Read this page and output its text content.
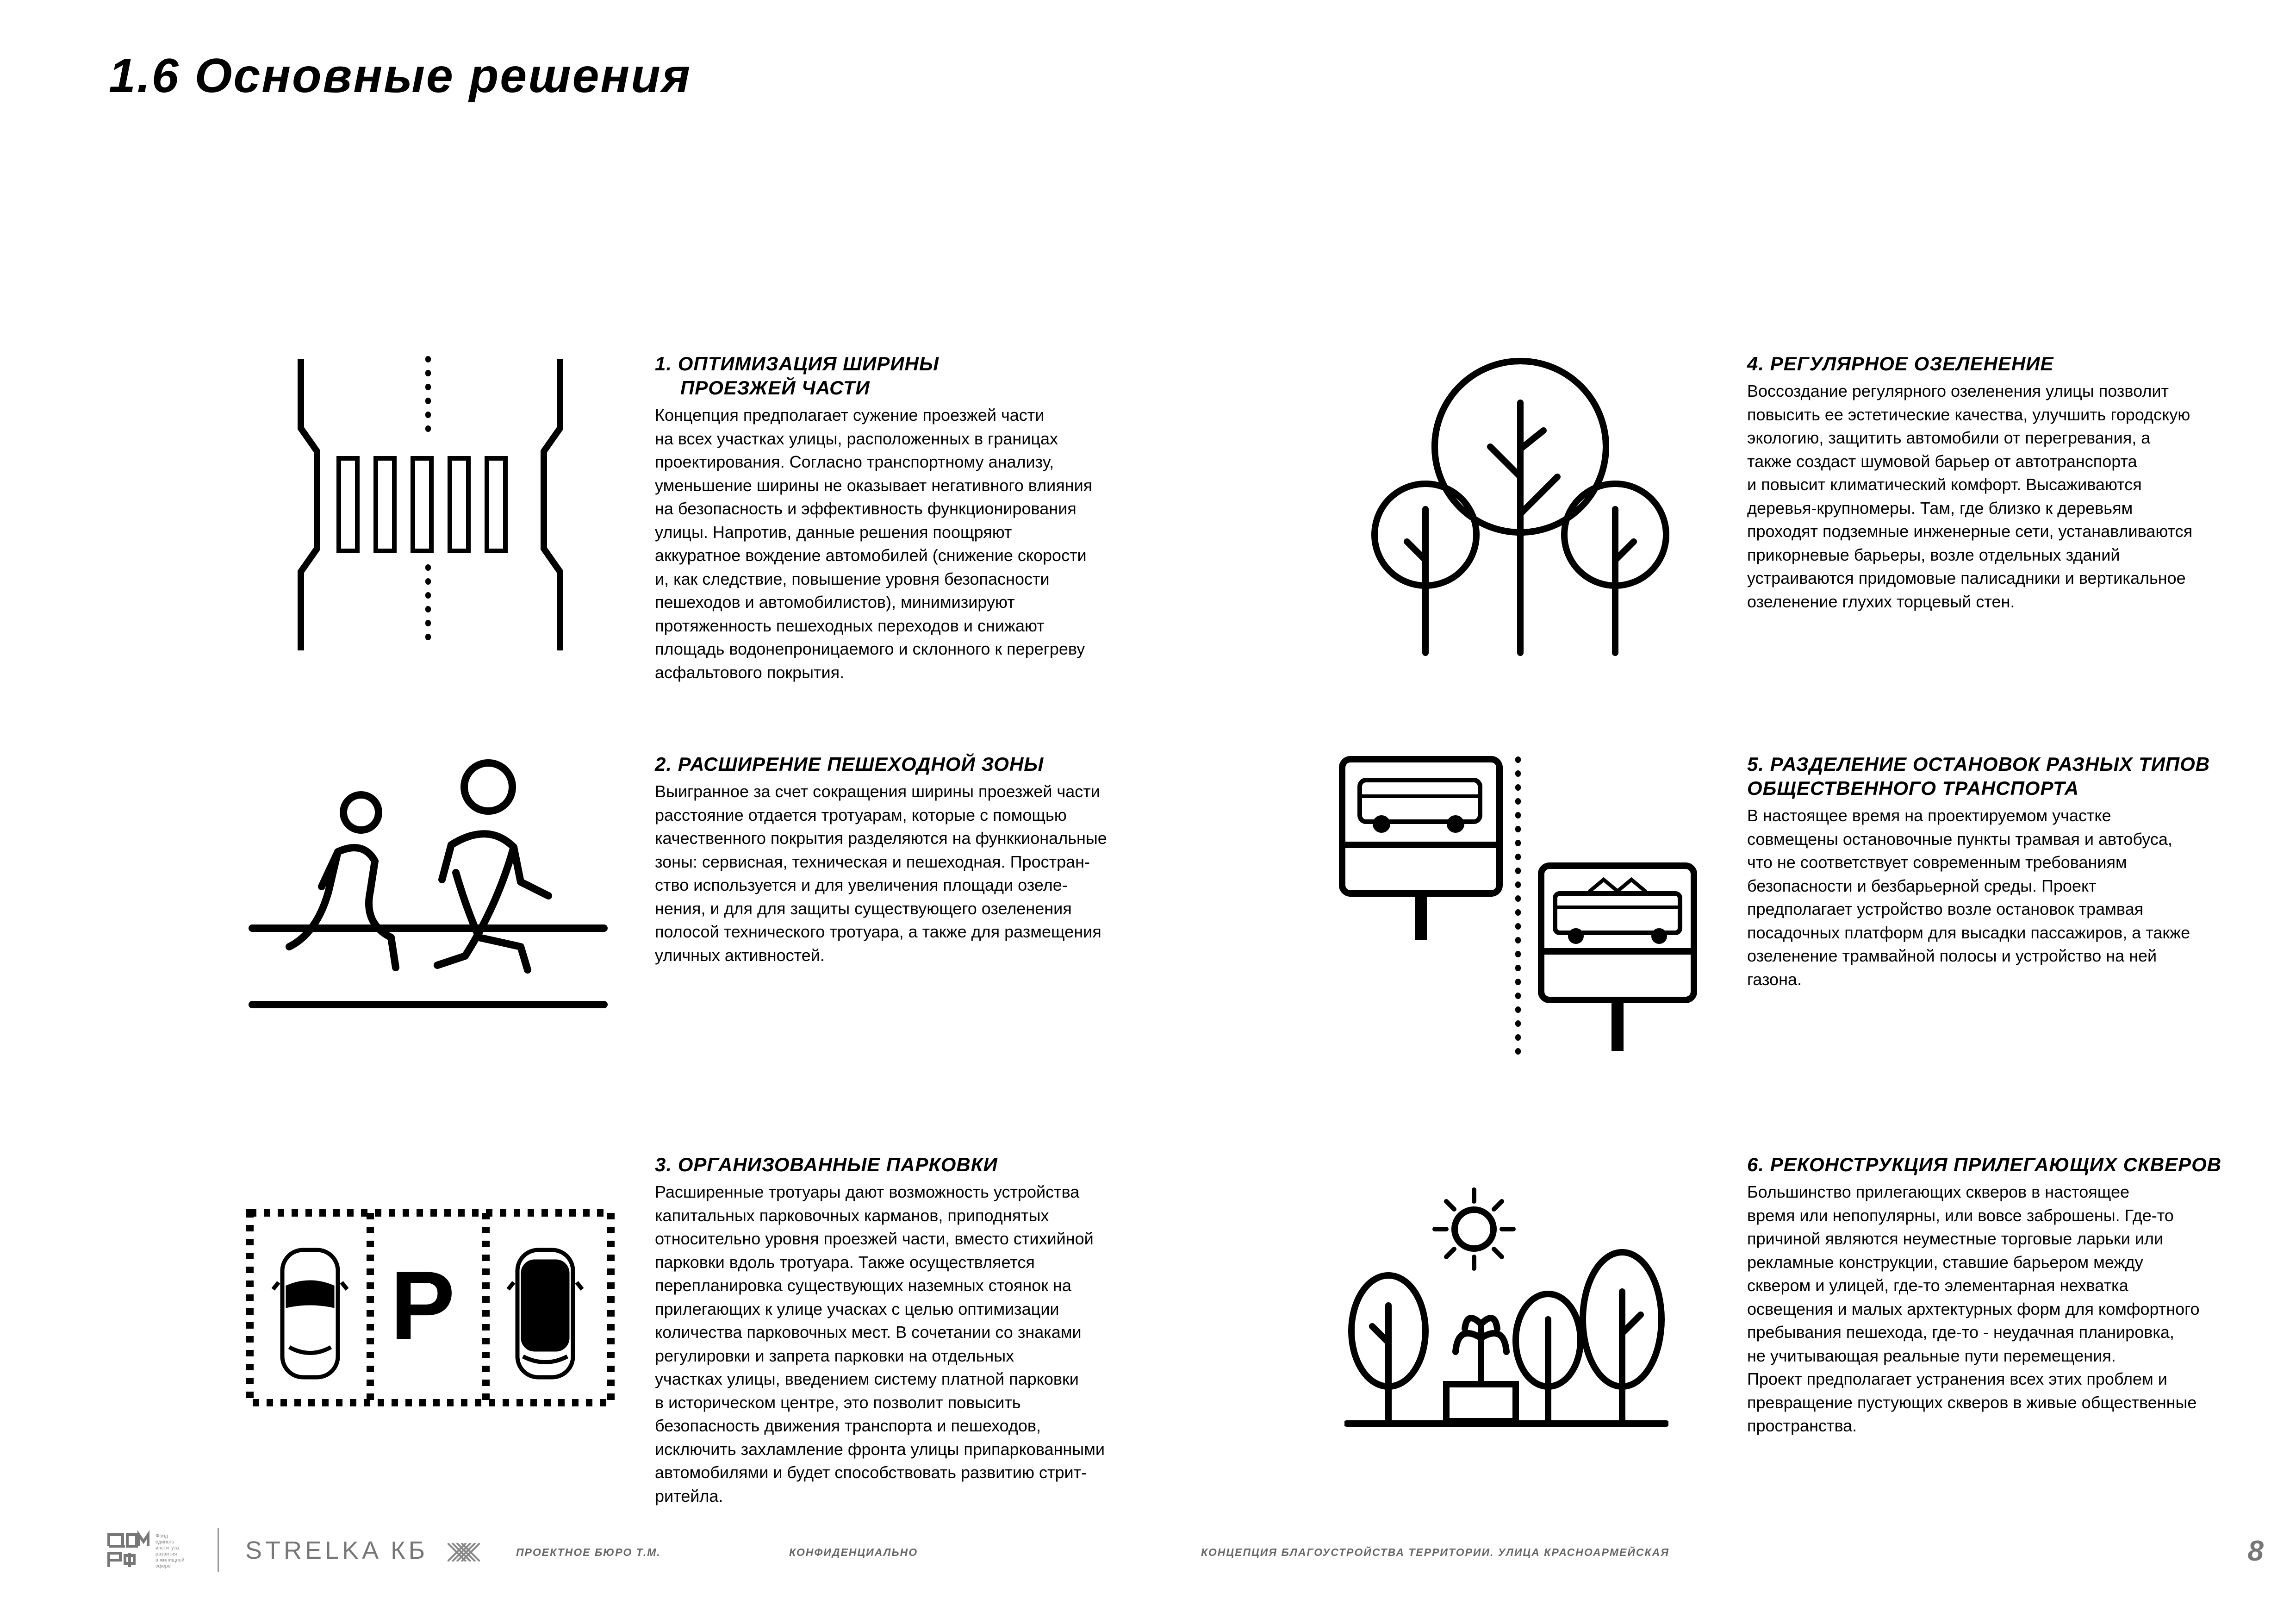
1.6 Основные решения
P
1. ОПТИМИЗАЦИЯ ШИРИНЫ
ПРОЕЗЖЕЙ ЧАСТИ

Концепция предполагает сужение проезжей части
на всех участках улицы, расположенных в границах
проектирования. Согласно транспортному анализу,
уменьшение ширины не оказывает негативного влияния
на безопасность и эффективность функционирования
улицы. Напротив, данные решения поощряют
аккуратное вождение автомобилей (снижение скорости
и, как следствие, повышение уровня безопасности
пешеходов и автомобилистов), минимизируют
протяженность пешеходных переходов и снижают
площадь водонепроницаемого и склонного к перегреву
асфальтового покрытия.

2. РАСШИРЕНИЕ ПЕШЕХОДНОЙ ЗОНЫ

Выигранное за счет сокращения ширины проезжей части
расстояние отдается тротуарам, которые с помощью
качественного покрытия разделяются на функкиональные
зоны: сервисная, техническая и пешеходная. Простран-
ство используется и для увеличения площади озеле-
нения, и для для защиты существующего озеленения
полосой технического тротуара, а также для размещения
уличных активностей.

3. ОРГАНИЗОВАННЫЕ ПАРКОВКИ

Расширенные тротуары дают возможность устройства
капитальных парковочных карманов, приподнятых
относительно уровня проезжей части, вместо стихийной
парковки вдоль тротуара. Также осуществляется
перепланировка существующих наземных стоянок на
прилегающих к улице учасках с целью оптимизации
количества парковочных мест. В сочетании со знаками
регулировки и запрета парковки на отдельных
участках улицы, введением систему платной парковки
в историческом центре, это позволит повысить
безопасность движения транспорта и пешеходов,
исключить захламление фронта улицы припаркованными
автомобилями и будет способствовать развитию стрит-
ритейла.

4. РЕГУЛЯРНОЕ ОЗЕЛЕНЕНИЕ

Воссоздание регулярного озеленения улицы позволит
повысить ее эстетические качества, улучшить городскую
экологию, защитить автомобили от перегревания, а
также создаст шумовой барьер от автотранспорта
и повысит климатический комфорт. Высаживаются
деревья-крупномеры. Там, где близко к деревьям
проходят подземные инженерные сети, устанавливаются
прикорневые барьеры, возле отдельных зданий
устраиваются придомовые палисадники и вертикальное
озеленение глухих торцевый стен.

5. РАЗДЕЛЕНИЕ ОСТАНОВОК РАЗНЫХ ТИПОВ
ОБЩЕСТВЕННОГО ТРАНСПОРТА

В настоящее время на проектируемом участке
совмещены остановочные пункты трамвая и автобуса,
что не соответствует современным требованиям
безопасности и безбарьерной среды. Проект
предполагает устройство возле остановок трамвая
посадочных платформ для высадки пассажиров, а также
озеленение трамвайной полосы и устройство на ней
газона.

6. РЕКОНСТРУКЦИЯ ПРИЛЕГАЮЩИХ СКВЕРОВ

Большинство прилегающих скверов в настоящее
время или непопулярны, или вовсе заброшены. Где-то
причиной являются неуместные торговые ларьки или
рекламные конструкции, ставшие барьером между
сквером и улицей, где-то элементарная нехватка
освещения и малых архтектурных форм для комфортного
пребывания пешехода, где-то - неудачная планировка,
не учитывающая реальные пути перемещения.
Проект предполагает устранения всех этих проблем и
превращение пустующих скверов в живые общественные
пространства.

Фонд
единого
института
развития
в жилищной
сфере
STRELKA КБ	ПРОЕКТНОЕ БЮРО Т.М.	КОНФИДЕНЦИАЛЬНО	КОНЦЕПЦИЯ БЛАГОУСТРОЙСТВА ТЕРРИТОРИИ. УЛИЦА КРАСНОАРМЕЙСКАЯ	8
